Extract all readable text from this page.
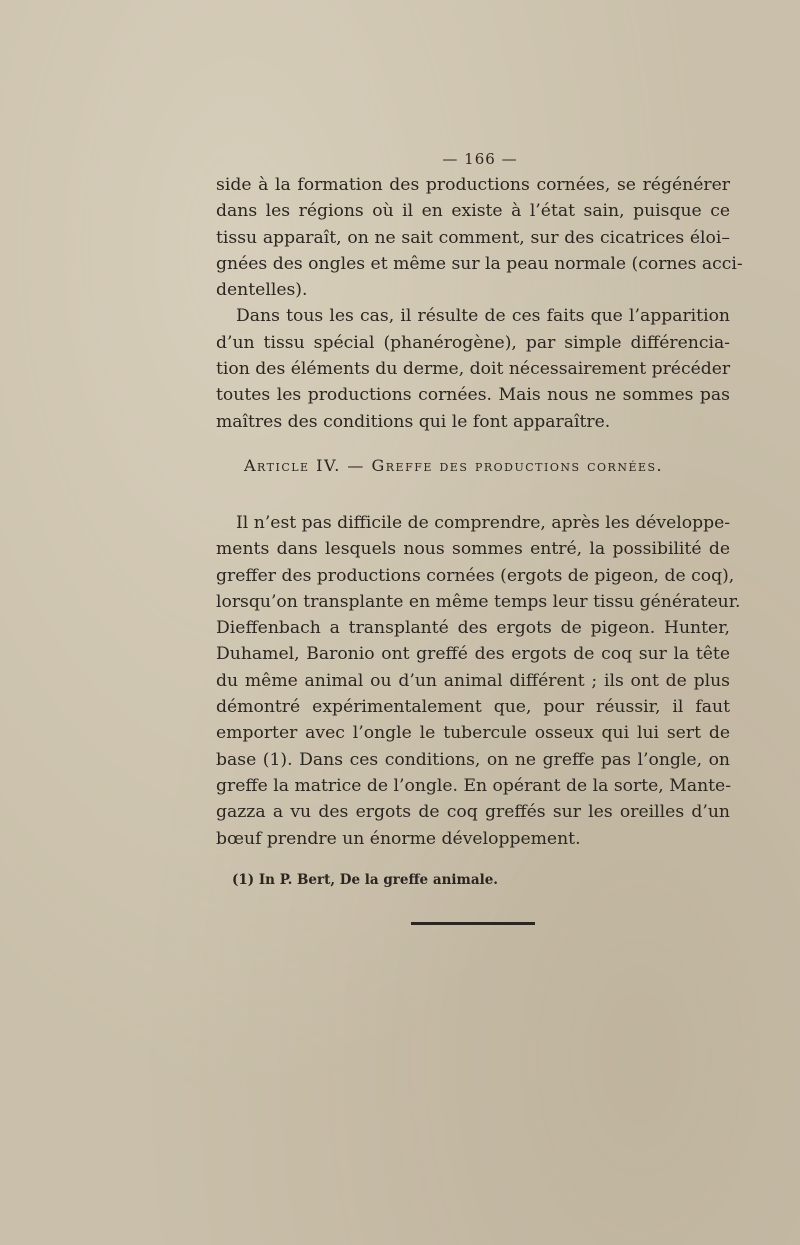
— 166 —

side à la formation des productions cornées, se régénérer
dans les régions où il en existe à l’état sain, puisque ce
tissu apparaît, on ne sait comment, sur des cicatrices éloi–
gnées des ongles et même sur la peau normale (cornes acci-
dentelles).

Dans tous les cas, il résulte de ces faits que l’apparition
d’un tissu spécial (phanérogène), par simple différencia-
tion des éléments du derme, doit nécessairement précéder
toutes les productions cornées. Mais nous ne sommes pas
maîtres des conditions qui le font apparaître.

Article IV. — Greffe des productions cornées.
Il n’est pas difficile de comprendre, après les développe-
ments dans lesquels nous sommes entré, la possibilité de
greffer des productions cornées (ergots de pigeon, de coq),
lorsqu’on transplante en même temps leur tissu générateur.
Dieffenbach a transplanté des ergots de pigeon. Hunter,
Duhamel, Baronio ont greffé des ergots de coq sur la tête
du même animal ou d’un animal différent ; ils ont de plus
démontré expérimentalement que, pour réussir, il faut
emporter avec l’ongle le tubercule osseux qui lui sert de
base (1). Dans ces conditions, on ne greffe pas l’ongle, on
greffe la matrice de l’ongle. En opérant de la sorte, Mante-
gazza a vu des ergots de coq greffés sur les oreilles d’un
bœuf prendre un énorme développement.
(1) In P. Bert, De la greffe animale.
